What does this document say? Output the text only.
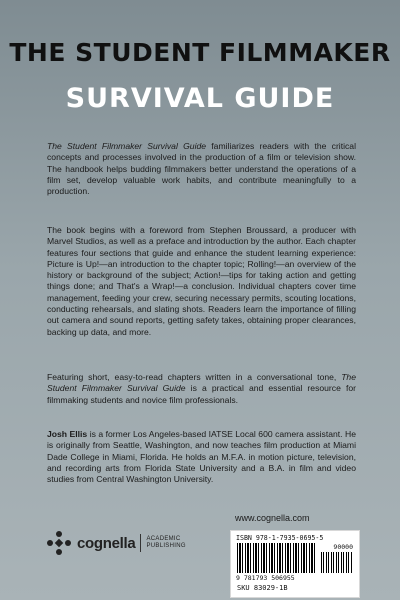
THE STUDENT FILMMAKER
SURVIVAL GUIDE
The Student Filmmaker Survival Guide familiarizes readers with the critical concepts and processes involved in the production of a film or television show. The handbook helps budding filmmakers better understand the operations of a film set, develop valuable work habits, and contribute meaningfully to a production.
The book begins with a foreword from Stephen Broussard, a producer with Marvel Studios, as well as a preface and introduction by the author. Each chapter features four sections that guide and enhance the student learning experience: Picture is Up!—an introduction to the chapter topic; Rolling!—an overview of the history or background of the subject; Action!—tips for taking action and getting things done; and That's a Wrap!—a conclusion. Individual chapters cover time management, feeding your crew, securing necessary permits, scouting locations, conducting rehearsals, and slating shots. Readers learn the importance of filling out camera and sound reports, getting safety takes, obtaining proper clearances, backing up data, and more.
Featuring short, easy-to-read chapters written in a conversational tone, The Student Filmmaker Survival Guide is a practical and essential resource for filmmaking students and novice film professionals.
Josh Ellis is a former Los Angeles-based IATSE Local 600 camera assistant. He is originally from Seattle, Washington, and now teaches film production at Miami Dade College in Miami, Florida. He holds an M.F.A. in motion picture, television, and recording arts from Florida State University and a B.A. in film and video studies from Central Washington University.
www.cognella.com
cognella ACADEMIC
PUBLISHING
ISBN 978-1-7935-0695-5
90000
9 781793 506955
SKU 83029-1B
